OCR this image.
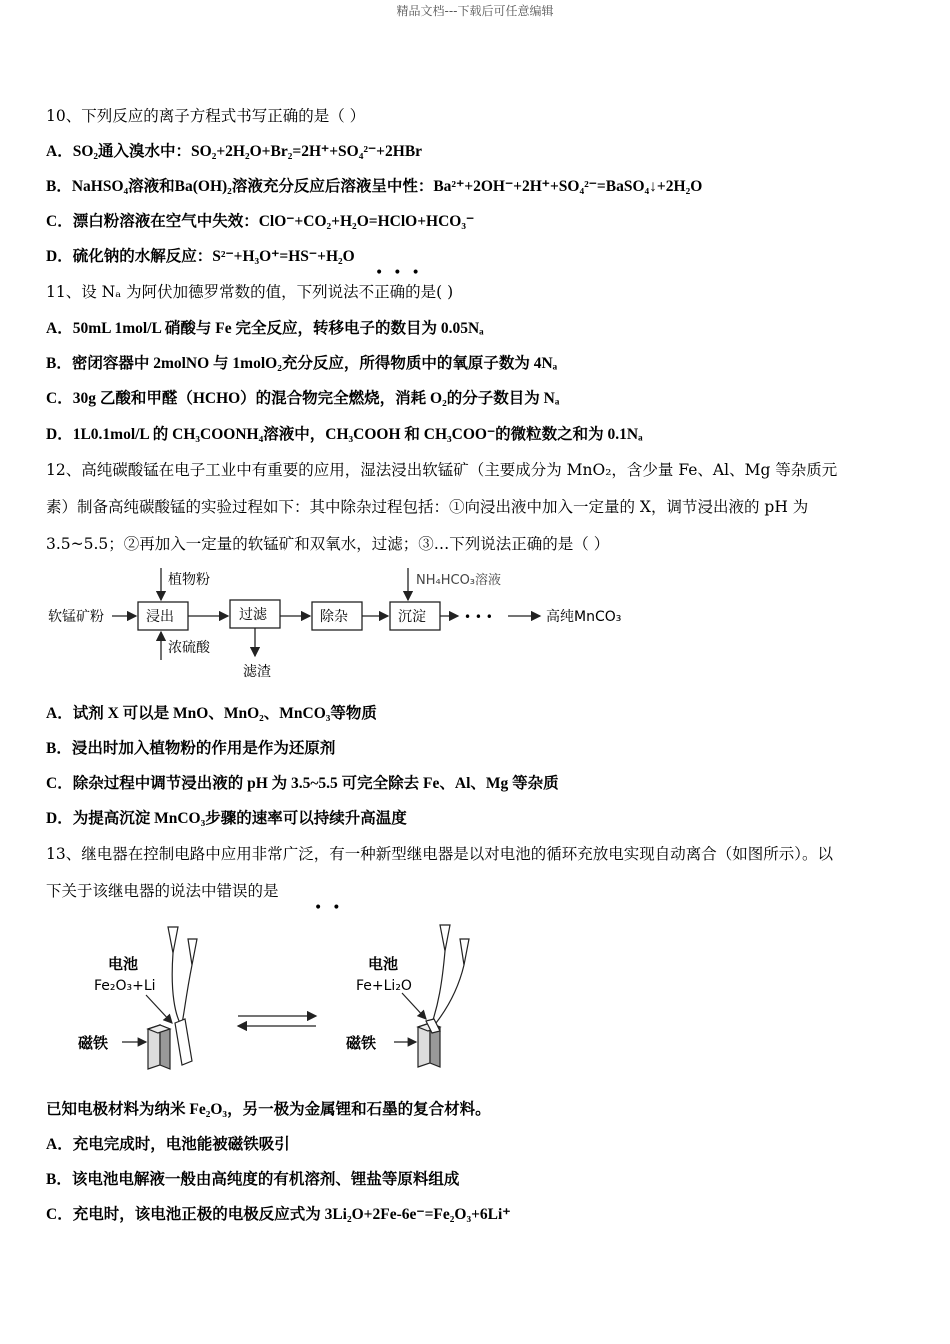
精品文档---下载后可任意编辑
10、下列反应的离子方程式书写正确的是（ ）
A．SO₂通入溴水中：SO₂+2H₂O+Br₂=2H⁺+SO₄²⁻+2HBr
B．NaHSO₄溶液和Ba(OH)₂溶液充分反应后溶液呈中性：Ba²⁺+2OH⁻+2H⁺+SO₄²⁻=BaSO₄↓+2H₂O
C．漂白粉溶液在空气中失效：ClO⁻+CO₂+H₂O=HClO+HCO₃⁻
D．硫化钠的水解反应：S²⁻+H₃O⁺=HS⁻+H₂O
•••
11、设 Nₐ 为阿伏加德罗常数的值，下列说法不正确的是( )
A．50mL 1mol/L 硝酸与 Fe 完全反应，转移电子的数目为 0.05Nₐ
B．密闭容器中 2molNO 与 1molO₂充分反应，所得物质中的氧原子数为 4Nₐ
C．30g 乙酸和甲醛（HCHO）的混合物完全燃烧，消耗 O₂的分子数目为 Nₐ
D．1L0.1mol/L 的 CH₃COONH₄溶液中，CH₃COOH 和 CH₃COO⁻的微粒数之和为 0.1Nₐ
12、高纯碳酸锰在电子工业中有重要的应用，湿法浸出软锰矿（主要成分为 MnO₂，含少量 Fe、Al、Mg 等杂质元
素）制备高纯碳酸锰的实验过程如下：其中除杂过程包括：①向浸出液中加入一定量的 X，调节浸出液的 pH 为
3.5~5.5；②再加入一定量的软锰矿和双氧水，过滤；③…下列说法正确的是（ ）
软锰矿粉
植物粉
浓硫酸
浸出	过滤
滤渣
除杂
NH₄HCO₃溶液
沉淀	• • •	高纯MnCO₃
A．试剂 X 可以是 MnO、MnO₂、MnCO₃等物质
B．浸出时加入植物粉的作用是作为还原剂
C．除杂过程中调节浸出液的 pH 为 3.5~5.5 可完全除去 Fe、Al、Mg 等杂质
D．为提高沉淀 MnCO₃步骤的速率可以持续升高温度
13、继电器在控制电路中应用非常广泛，有一种新型继电器是以对电池的循环充放电实现自动离合（如图所示）。以
下关于该继电器的说法中错误的是
••
电池
Fe₂O₃+Li
磁铁
电池
Fe+Li₂O
磁铁
已知电极材料为纳米 Fe₂O₃，另一极为金属锂和石墨的复合材料。
A．充电完成时，电池能被磁铁吸引
B．该电池电解液一般由高纯度的有机溶剂、锂盐等原料组成
C．充电时，该电池正极的电极反应式为 3Li₂O+2Fe-6e⁻=Fe₂O₃+6Li⁺
